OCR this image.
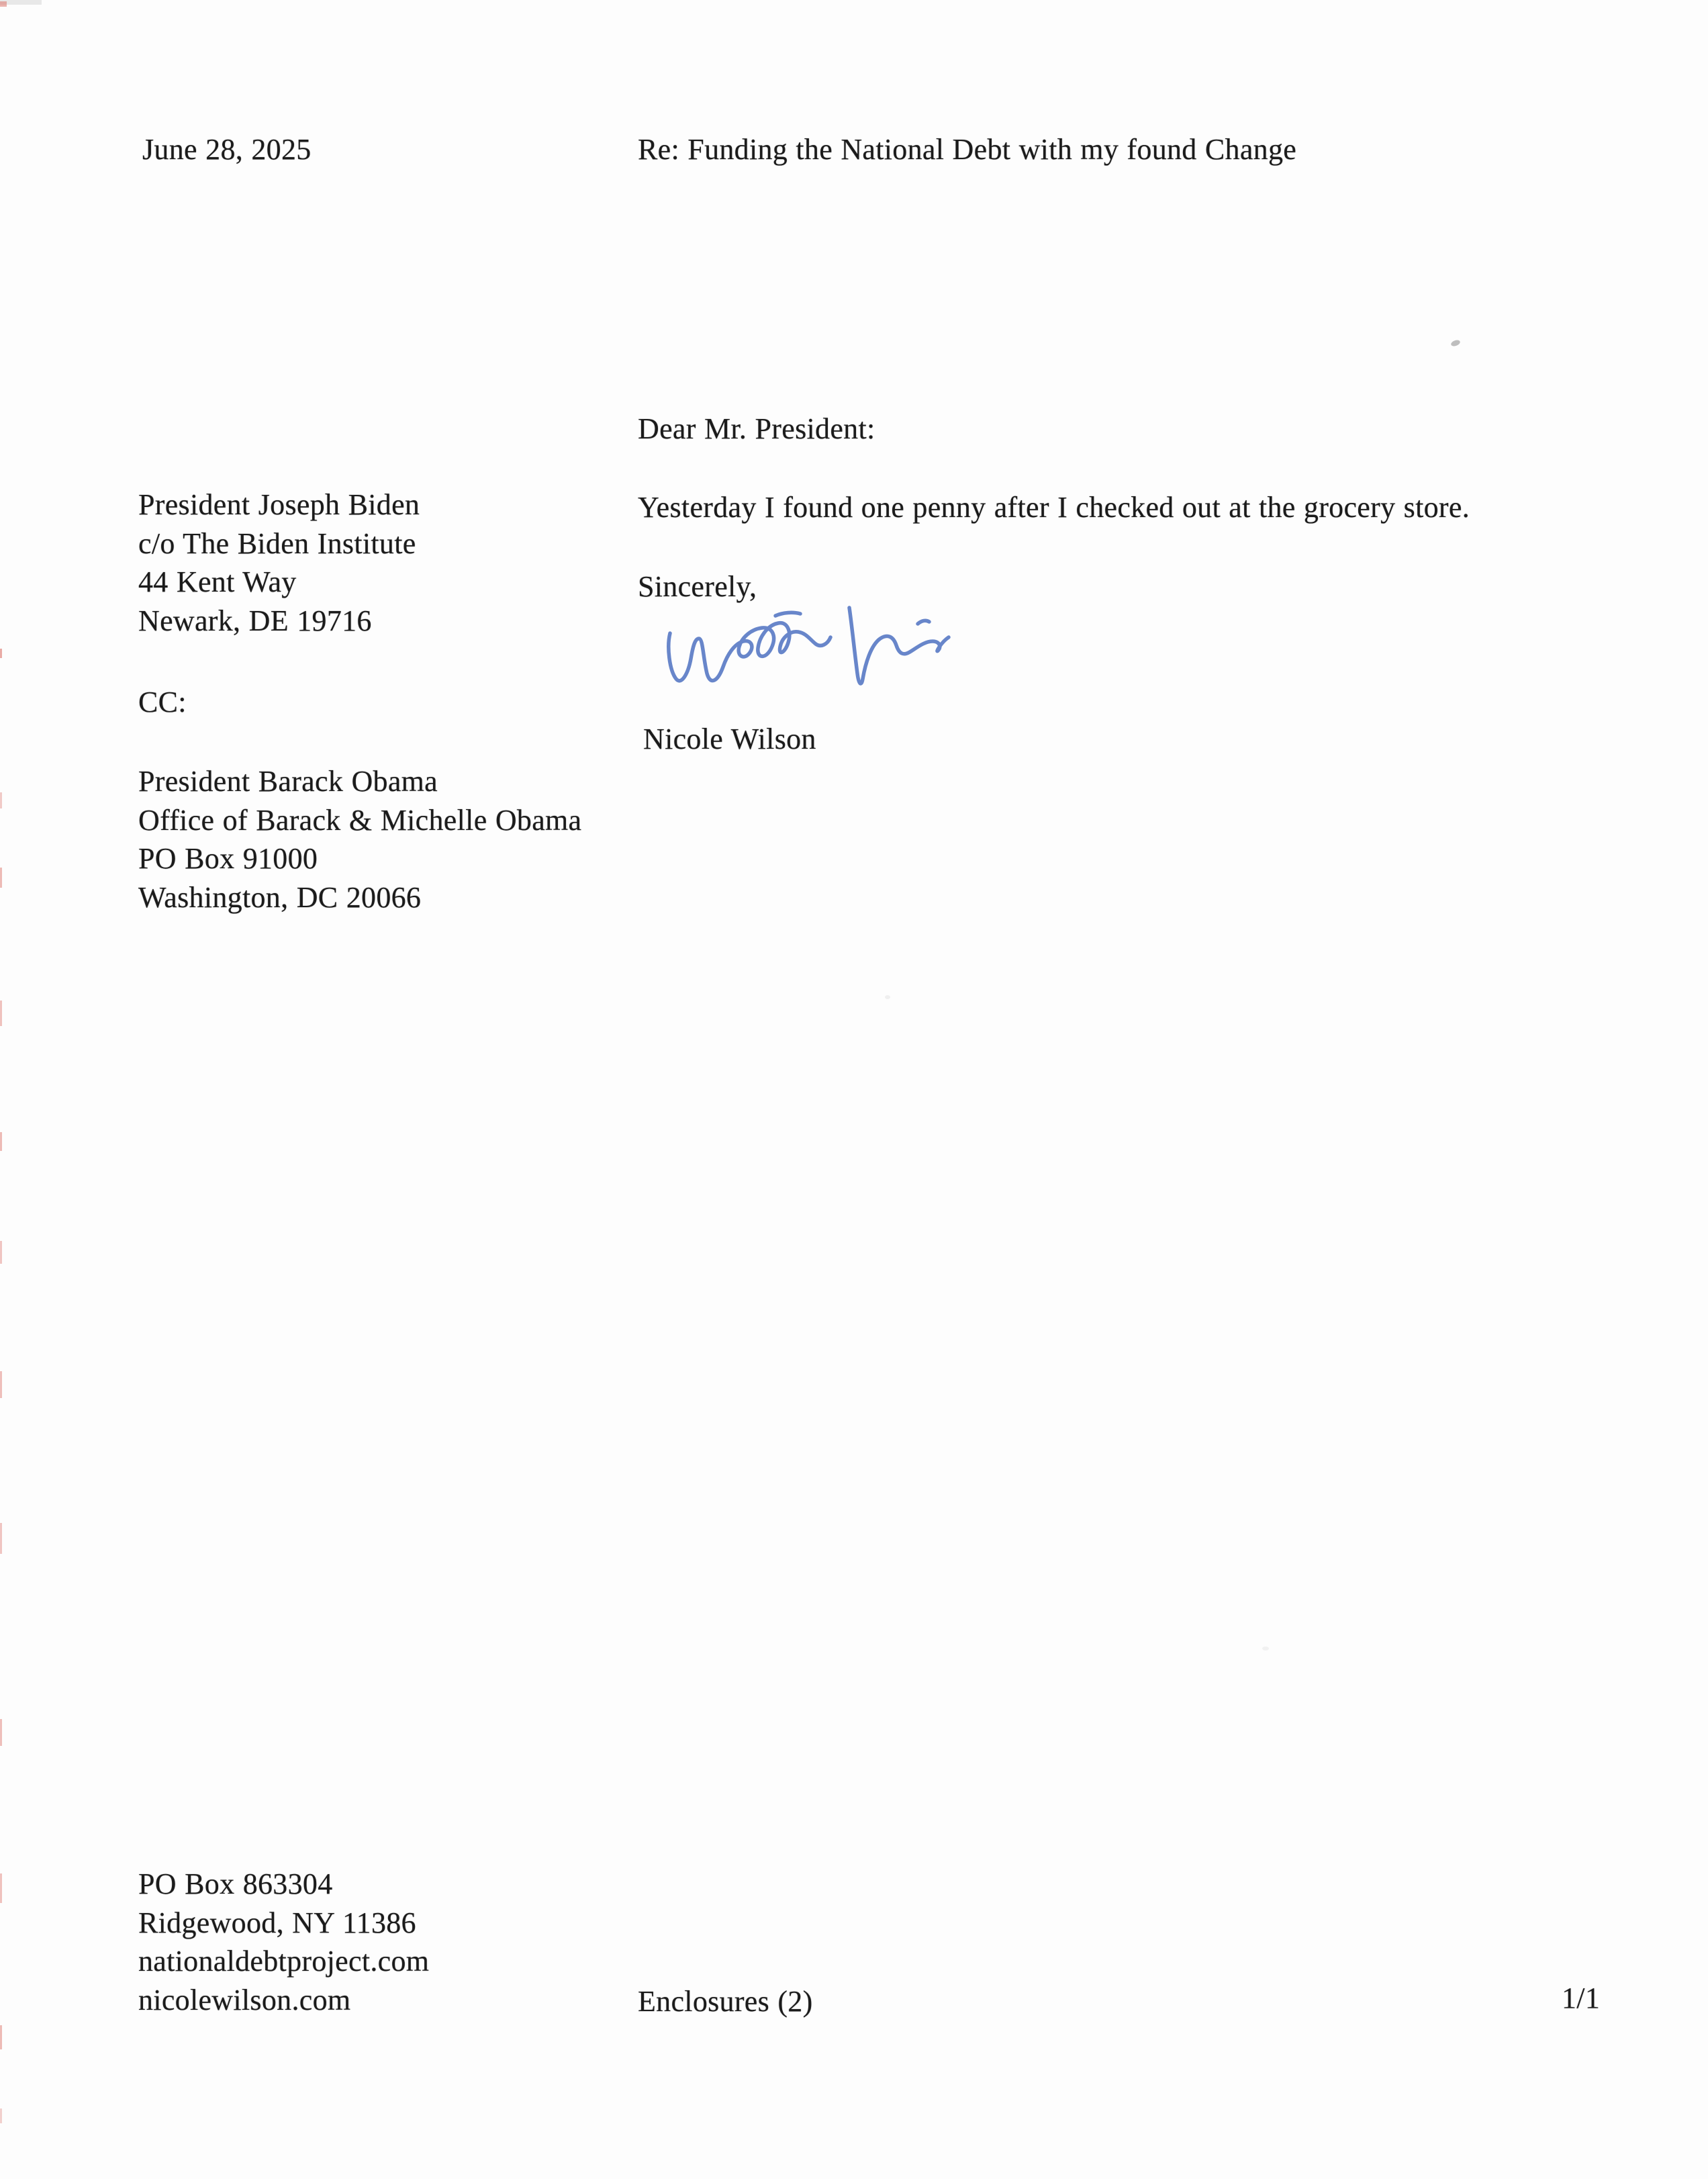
June 28, 2025	Re: Funding the National Debt with my found Change
Dear Mr. President:
Yesterday I found one penny after I checked out at the grocery store.
Sincerely,
Nicole Wilson
President Joseph Biden
c/o The Biden Institute
44 Kent Way
Newark, DE 19716
CC:
President Barack Obama
Office of Barack & Michelle Obama
PO Box 91000
Washington, DC 20066
PO Box 863304
Ridgewood, NY 11386
nationaldebtproject.com
nicolewilson.com	Enclosures (2)	1/1
